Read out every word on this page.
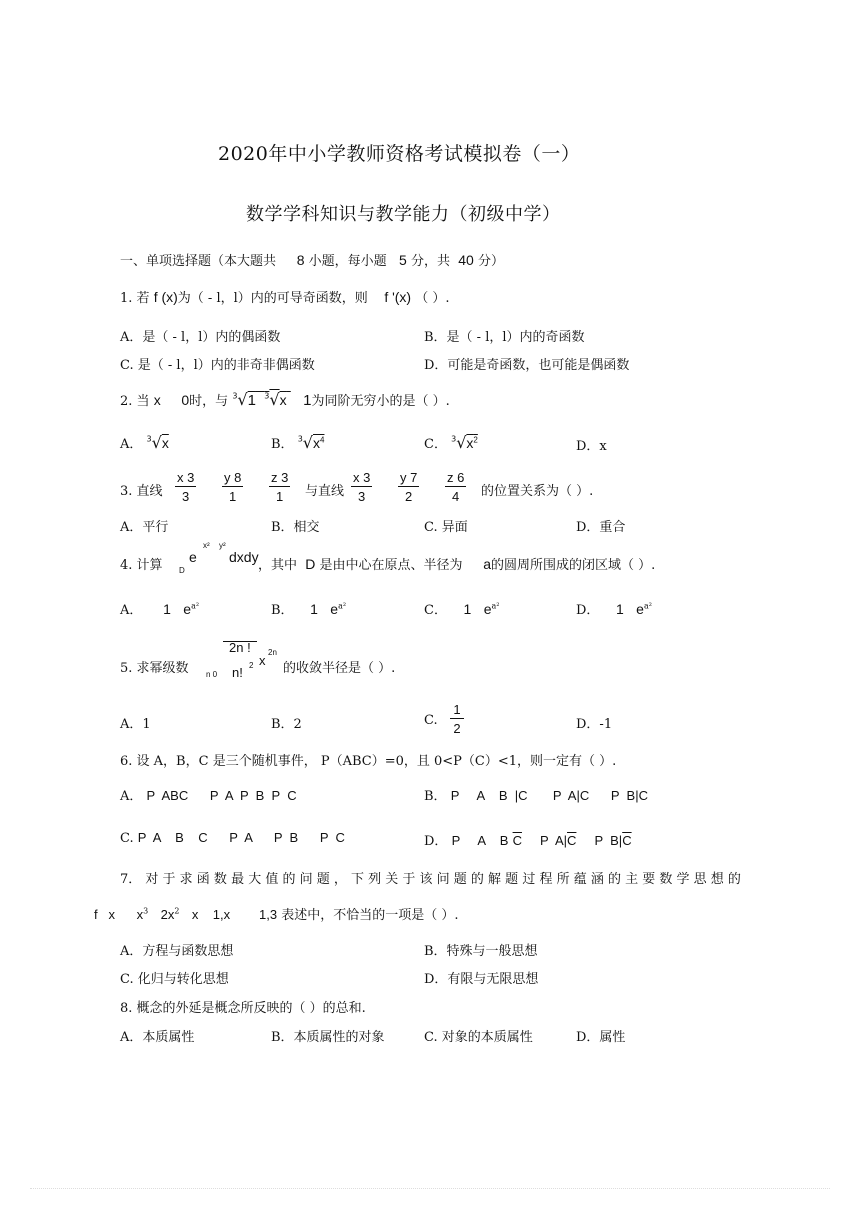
2020年中小学教师资格考试模拟卷（一）
数学学科知识与教学能力（初级中学）
一、单项选择题（本大题共 8 小题，每小题 5 分，共 40 分）
1. 若 f (x)为（ - l，l）内的可导奇函数，则 f '(x) （ ）.
A．是（ - l，l）内的偶函数	B．是（ - l，l）内的奇函数
C. 是（ - l，l）内的非奇非偶函数	D．可能是奇函数，也可能是偶函数
2. 当 x 0时，与 $^3$√1 $^3$√x 1为同阶无穷小的是（ ）.
A． $^3$√x	B． $^3√x^4$	C． $^3√x^2$	D．x
3. 直线 $\frac{x 3}{3} \frac{y 8}{1} \frac{z 3}{1}$ 与直线 $\frac{x 3}{3} \frac{y 7}{2} \frac{z 6}{4}$ 的位置关系为（ ）.
A．平行	B．相交	C. 异面	D．重合
4. 计算
e
x² y²
dxdy
D	，其中 D 是由中心在原点、半径为 a的圆周所围成的闭区域（ ）.
A． 1 $e^{a^2}$	B． 1 $e^{a^2}$	C． 1 $e^{a^2}$	D． 1 $e^{a^2}$
5. 求幂级数
2n !
n! 2 x
2n
n 0	的收敛半径是（ ）.
A．1	B．2	C. $\frac{1}{2}$	D．-1
6. 设 A，B，C 是三个随机事件， P（ABC）=0，且 0<P（C）<1，则一定有（ ）.
A． P  ABC      P  A  P  B  P  C	B． P     A    B  |C       P  A|C      P  B|C
C. P  A    B    C      P  A      P  B      P  C	D． P     A    B $\overline{C}$     P  $A|\overline{C}$     P  $B|\overline{C}$
7． 对 于 求 函 数 最 大 值 的 问 题 ， 下 列 关 于 该 问 题 的 解 题 过 程 所 蕴 涵 的 主 要 数 学 思 想 的
f   x      $x^3$ $2x^2$ x    1,x        1,3 表述中，不恰当的一项是（ ）.
A．方程与函数思想	B．特殊与一般思想
C. 化归与转化思想	D．有限与无限思想
8. 概念的外延是概念所反映的（ ）的总和.
A．本质属性	B．本质属性的对象	C. 对象的本质属性	D．属性
